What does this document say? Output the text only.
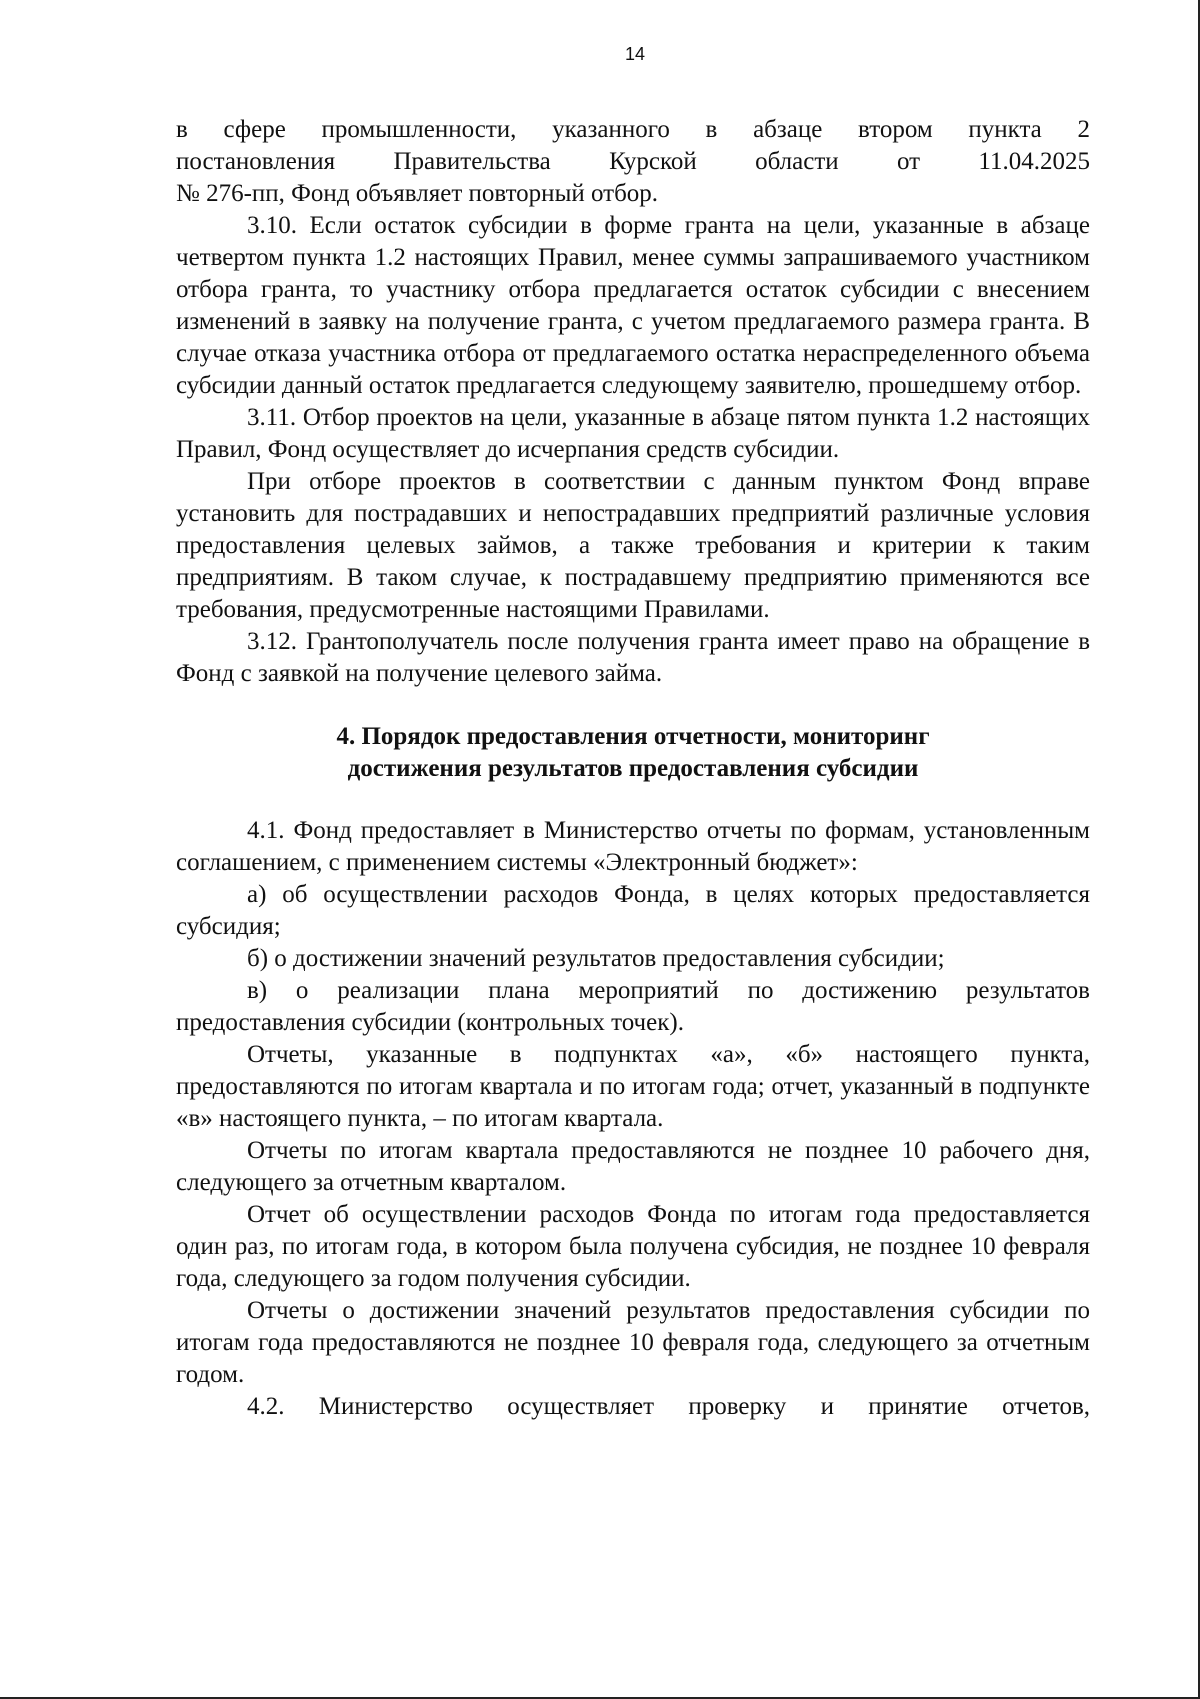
14

в сфере промышленности, указанного в абзаце втором пункта 2

постановления Правительства Курской области от 11.04.2025

№ 276-пп, Фонд объявляет повторный отбор.

3.10. Если остаток субсидии в форме гранта на цели, указанные в абзаце четвертом пункта 1.2 настоящих Правил, менее суммы запрашиваемого участником отбора гранта, то участнику отбора предлагается остаток субсидии с внесением изменений в заявку на получение гранта, с учетом предлагаемого размера гранта. В случае отказа участника отбора от предлагаемого остатка нераспределенного объема субсидии данный остаток предлагается следующему заявителю, прошедшему отбор.

3.11. Отбор проектов на цели, указанные в абзаце пятом пункта 1.2 настоящих Правил, Фонд осуществляет до исчерпания средств субсидии.

При отборе проектов в соответствии с данным пунктом Фонд вправе установить для пострадавших и непострадавших предприятий различные условия предоставления целевых займов, а также требования и критерии к таким предприятиям. В таком случае, к пострадавшему предприятию применяются все требования, предусмотренные настоящими Правилами.

3.12. Грантополучатель после получения гранта имеет право на обращение в Фонд с заявкой на получение целевого займа.

4. Порядок предоставления отчетности, мониторинг
достижения результатов предоставления субсидии

4.1. Фонд предоставляет в Министерство отчеты по формам, установленным соглашением, с применением системы «Электронный бюджет»:

а) об осуществлении расходов Фонда, в целях которых предоставляется субсидия;

б) о достижении значений результатов предоставления субсидии;

в) о реализации плана мероприятий по достижению результатов предоставления субсидии (контрольных точек).

Отчеты, указанные в подпунктах «а», «б» настоящего пункта, предоставляются по итогам квартала и по итогам года; отчет, указанный в подпункте «в» настоящего пункта, – по итогам квартала.

Отчеты по итогам квартала предоставляются не позднее 10 рабочего дня, следующего за отчетным кварталом.

Отчет об осуществлении расходов Фонда по итогам года предоставляется один раз, по итогам года, в котором была получена субсидия, не позднее 10 февраля года, следующего за годом получения субсидии.

Отчеты о достижении значений результатов предоставления субсидии по итогам года предоставляются не позднее 10 февраля года, следующего за отчетным годом.

4.2. Министерство осуществляет проверку и принятие отчетов,
